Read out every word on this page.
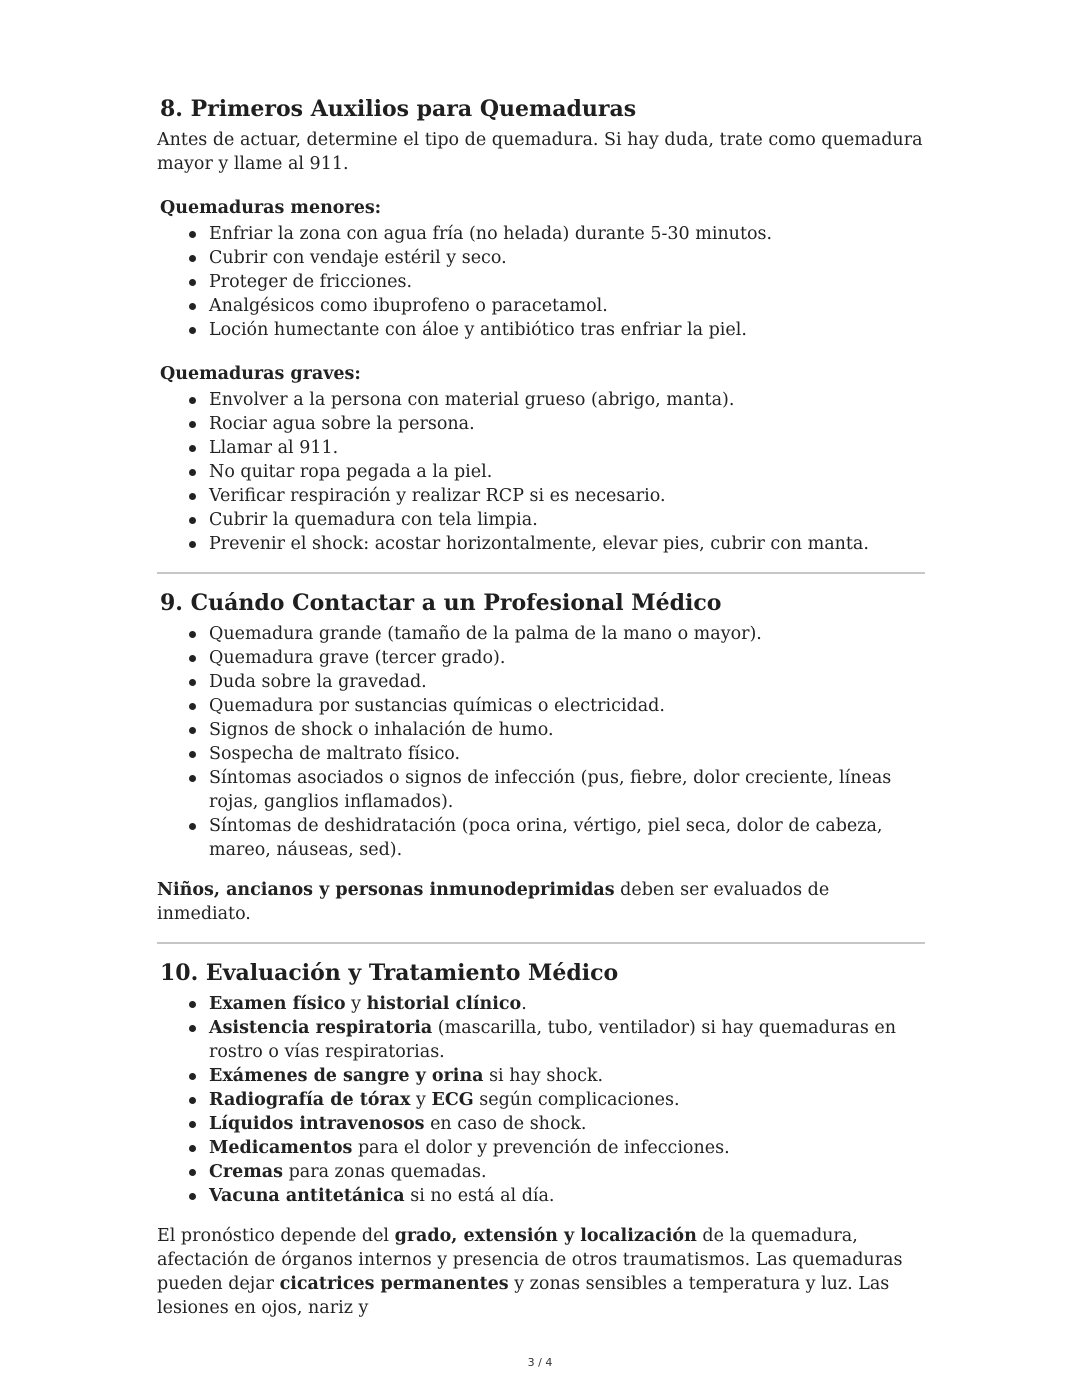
8. Primeros Auxilios para Quemaduras

Antes de actuar, determine el tipo de quemadura. Si hay duda, trate como quemadura mayor y llame al 911.

Quemaduras menores:

Enfriar la zona con agua fría (no helada) durante 5-30 minutos.
Cubrir con vendaje estéril y seco.
Proteger de fricciones.
Analgésicos como ibuprofeno o paracetamol.
Loción humectante con áloe y antibiótico tras enfriar la piel.

Quemaduras graves:

Envolver a la persona con material grueso (abrigo, manta).
Rociar agua sobre la persona.
Llamar al 911.
No quitar ropa pegada a la piel.
Verificar respiración y realizar RCP si es necesario.
Cubrir la quemadura con tela limpia.
Prevenir el shock: acostar horizontalmente, elevar pies, cubrir con manta.
9. Cuándo Contactar a un Profesional Médico
Quemadura grande (tamaño de la palma de la mano o mayor).
Quemadura grave (tercer grado).
Duda sobre la gravedad.
Quemadura por sustancias químicas o electricidad.
Signos de shock o inhalación de humo.
Sospecha de maltrato físico.
Síntomas asociados o signos de infección (pus, fiebre, dolor creciente, líneas rojas, ganglios inflamados).
Síntomas de deshidratación (poca orina, vértigo, piel seca, dolor de cabeza, mareo, náuseas, sed).

Niños, ancianos y personas inmunodeprimidas deben ser evaluados de inmediato.

10. Evaluación y Tratamiento Médico
Examen físico y historial clínico.
Asistencia respiratoria (mascarilla, tubo, ventilador) si hay quemaduras en rostro o vías respiratorias.
Exámenes de sangre y orina si hay shock.
Radiografía de tórax y ECG según complicaciones.
Líquidos intravenosos en caso de shock.
Medicamentos para el dolor y prevención de infecciones.
Cremas para zonas quemadas.
Vacuna antitetánica si no está al día.

El pronóstico depende del grado, extensión y localización de la quemadura, afectación de órganos internos y presencia de otros traumatismos. Las quemaduras pueden dejar cicatrices permanentes y zonas sensibles a temperatura y luz. Las lesiones en ojos, nariz y

3 / 4
